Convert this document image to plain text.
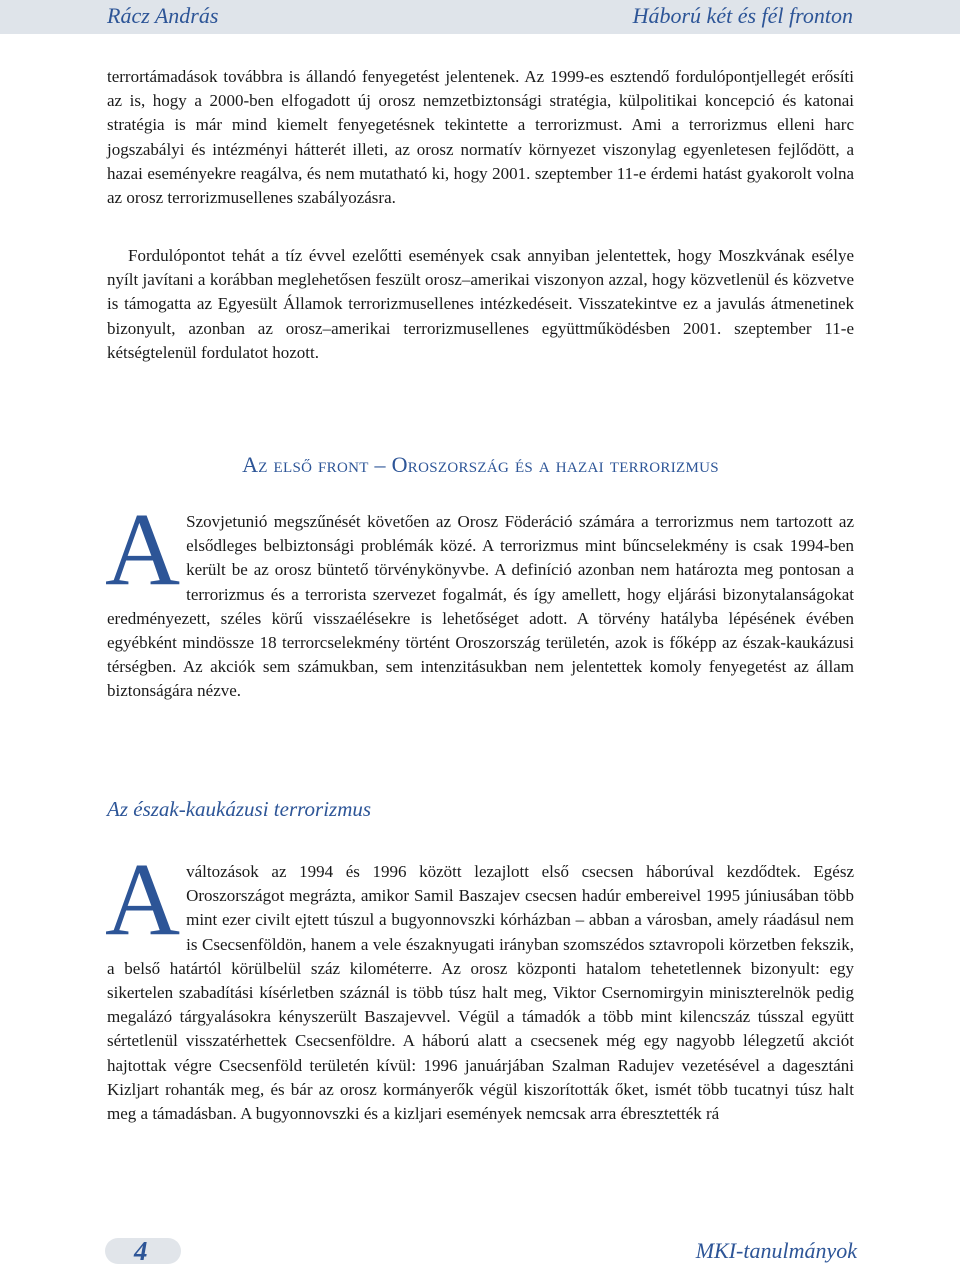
Rácz András	Háború két és fél fronton

terrortámadások továbbra is állandó fenyegetést jelentenek. Az 1999-es esztendő fordulópontjellegét erősíti az is, hogy a 2000-ben elfogadott új orosz nemzetbiztonsági stratégia, külpolitikai koncepció és katonai stratégia is már mind kiemelt fenyegetésnek tekintette a terrorizmust. Ami a terrorizmus elleni harc jogszabályi és intézményi hátterét illeti, az orosz normatív környezet viszonylag egyenletesen fejlődött, a hazai eseményekre reagálva, és nem mutatható ki, hogy 2001. szeptember 11-e érdemi hatást gyakorolt volna az orosz terrorizmusellenes szabályozásra.

Fordulópontot tehát a tíz évvel ezelőtti események csak annyiban jelentettek, hogy Moszkvának esélye nyílt javítani a korábban meglehetősen feszült orosz–amerikai viszonyon azzal, hogy közvetlenül és közvetve is támogatta az Egyesült Államok terrorizmusellenes intézkedéseit. Visszatekintve ez a javulás átmenetinek bizonyult, azonban az orosz–amerikai terrorizmusellenes együttműködésben 2001. szeptember 11-e kétségtelenül fordulatot hozott.

Az első front – Oroszország és a hazai terrorizmus

A Szovjetunió megszűnését követően az Orosz Föderáció számára a terrorizmus nem tartozott az elsődleges belbiztonsági problémák közé. A terrorizmus mint bűncselekmény is csak 1994-ben került be az orosz büntető törvénykönyvbe. A definíció azonban nem határozta meg pontosan a terrorizmus és a terrorista szervezet fogalmát, és így amellett, hogy eljárási bizonytalanságokat eredményezett, széles körű visszaélésekre is lehetőséget adott. A törvény hatályba lépésének évében egyébként mindössze 18 terrorcselekmény történt Oroszország területén, azok is főképp az észak-kaukázusi térségben. Az akciók sem számukban, sem intenzitásukban nem jelentettek komoly fenyegetést az állam biztonságára nézve.

Az észak-kaukázusi terrorizmus

Aváltozások az 1994 és 1996 között lezajlott első csecsen háborúval kezdődtek. Egész Oroszországot megrázta, amikor Samil Baszajev csecsen hadúr embereivel 1995 júniusában több mint ezer civilt ejtett túszul a bugyonnovszki kórházban – abban a városban, amely ráadásul nem is Csecsenföldön, hanem a vele északnyugati irányban szomszédos sztavropoli körzetben fekszik, a belső határtól körülbelül száz kilométerre. Az orosz központi hatalom tehetetlennek bizonyult: egy sikertelen szabadítási kísérletben száznál is több túsz halt meg, Viktor Csernomirgyin miniszterelnök pedig megalázó tárgyalásokra kényszerült Baszajevvel. Végül a támadók a több mint kilencszáz tússzal együtt sértetlenül visszatérhettek Csecsenföldre. A háború alatt a csecsenek még egy nagyobb lélegzetű akciót hajtottak végre Csecsenföld területén kívül: 1996 januárjában Szalman Radujev vezetésével a dagesztáni Kizljart rohanták meg, és bár az orosz kormányerők végül kiszorították őket, ismét több tucatnyi túsz halt meg a támadásban. A bugyonnovszki és a kizljari események nemcsak arra ébresztették rá

4	MKI-tanulmányok
